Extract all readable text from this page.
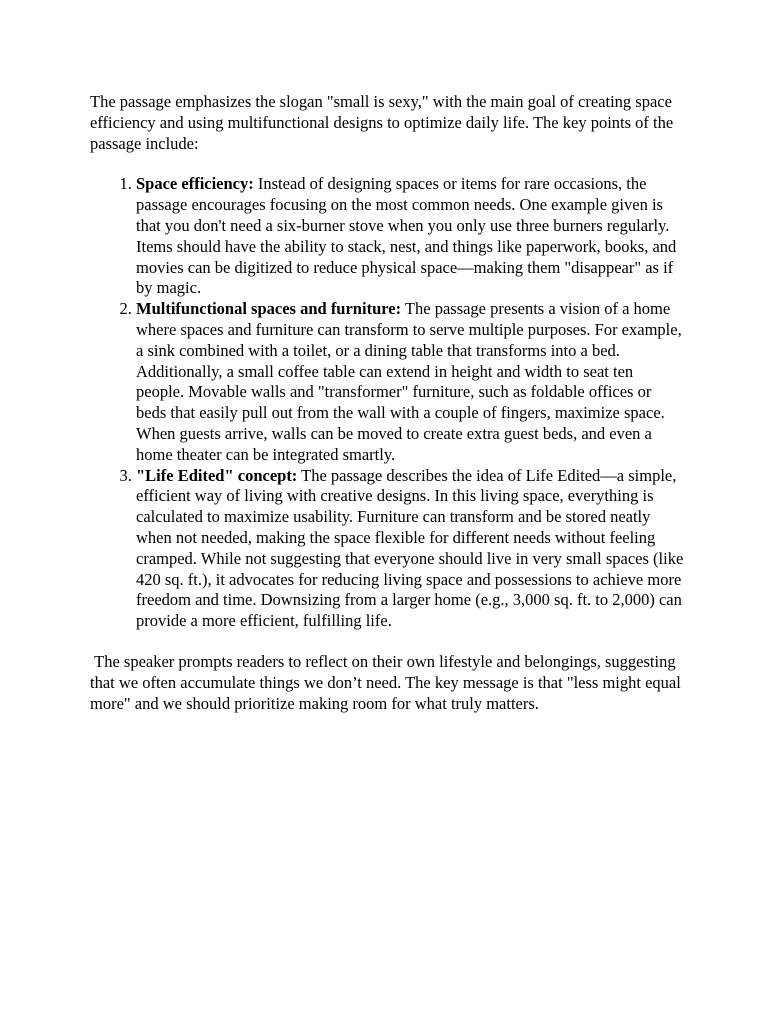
The passage emphasizes the slogan "small is sexy," with the main goal of creating space efficiency and using multifunctional designs to optimize daily life. The key points of the passage include:

1. Space efficiency: Instead of designing spaces or items for rare occasions, the passage encourages focusing on the most common needs. One example given is that you don't need a six-burner stove when you only use three burners regularly. Items should have the ability to stack, nest, and things like paperwork, books, and movies can be digitized to reduce physical space—making them "disappear" as if by magic.
2. Multifunctional spaces and furniture: The passage presents a vision of a home where spaces and furniture can transform to serve multiple purposes. For example, a sink combined with a toilet, or a dining table that transforms into a bed. Additionally, a small coffee table can extend in height and width to seat ten people. Movable walls and "transformer" furniture, such as foldable offices or beds that easily pull out from the wall with a couple of fingers, maximize space. When guests arrive, walls can be moved to create extra guest beds, and even a home theater can be integrated smartly.
3. "Life Edited" concept: The passage describes the idea of Life Edited—a simple, efficient way of living with creative designs. In this living space, everything is calculated to maximize usability. Furniture can transform and be stored neatly when not needed, making the space flexible for different needs without feeling cramped. While not suggesting that everyone should live in very small spaces (like 420 sq. ft.), it advocates for reducing living space and possessions to achieve more freedom and time. Downsizing from a larger home (e.g., 3,000 sq. ft. to 2,000) can provide a more efficient, fulfilling life.

The speaker prompts readers to reflect on their own lifestyle and belongings, suggesting that we often accumulate things we don’t need. The key message is that "less might equal more" and we should prioritize making room for what truly matters.
